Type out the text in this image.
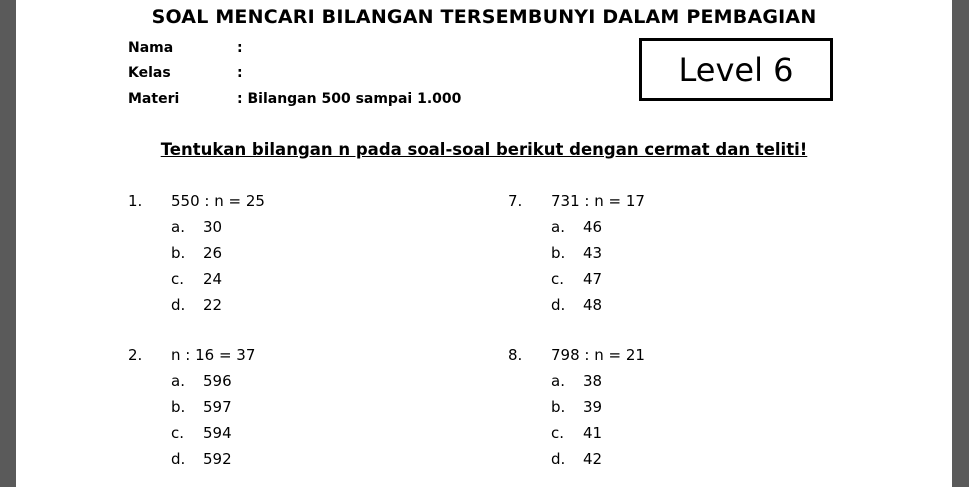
SOAL MENCARI BILANGAN TERSEMBUNYI DALAM PEMBAGIAN
Nama	:
Kelas	:
Materi	: Bilangan 500 sampai 1.000
Level 6
Tentukan bilangan n pada soal-soal berikut dengan cermat dan teliti!
1. 550 : n = 25
a. 30
b. 26
c. 24
d. 22
7. 731 : n = 17
a. 46
b. 43
c. 47
d. 48
2. n : 16 = 37
a. 596
b. 597
c. 594
d. 592
8. 798 : n = 21
a. 38
b. 39
c. 41
d. 42
